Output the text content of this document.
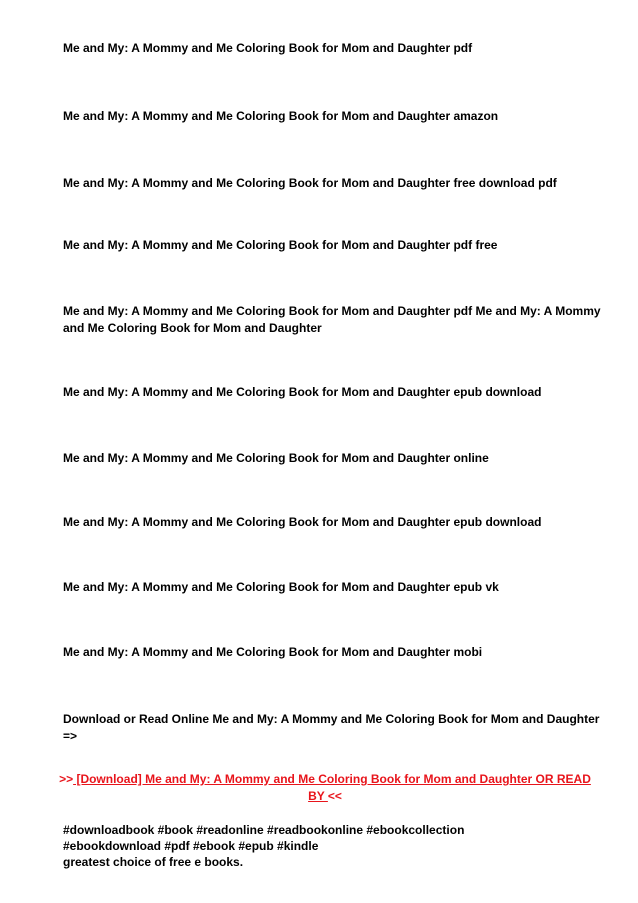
Me and My: A Mommy and Me Coloring Book for Mom and Daughter pdf
Me and My: A Mommy and Me Coloring Book for Mom and Daughter amazon
Me and My: A Mommy and Me Coloring Book for Mom and Daughter free download pdf
Me and My: A Mommy and Me Coloring Book for Mom and Daughter pdf free
Me and My: A Mommy and Me Coloring Book for Mom and Daughter pdf Me and My: A Mommy and Me Coloring Book for Mom and Daughter
Me and My: A Mommy and Me Coloring Book for Mom and Daughter epub download
Me and My: A Mommy and Me Coloring Book for Mom and Daughter online
Me and My: A Mommy and Me Coloring Book for Mom and Daughter epub download
Me and My: A Mommy and Me Coloring Book for Mom and Daughter epub vk
Me and My: A Mommy and Me Coloring Book for Mom and Daughter mobi
Download or Read Online Me and My: A Mommy and Me Coloring Book for Mom and Daughter =>
>> [Download] Me and My: A Mommy and Me Coloring Book for Mom and Daughter OR READ BY <<
#downloadbook #book #readonline #readbookonline #ebookcollection
#ebookdownload #pdf #ebook #epub #kindle
greatest choice of free e books.
